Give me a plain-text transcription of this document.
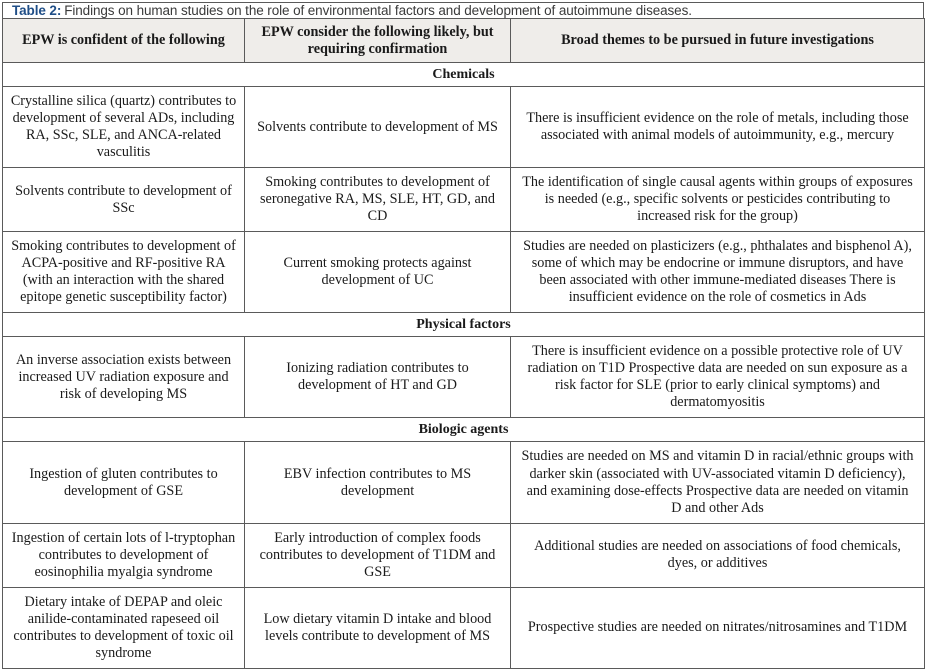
Table 2: Findings on human studies on the role of environmental factors and development of autoimmune diseases.
EPW is confident of the following	EPW consider the following likely, but requiring confirmation	Broad themes to be pursued in future investigations
Chemicals		
Crystalline silica (quartz) contributes to development of several ADs, including RA, SSc, SLE, and ANCA-related vasculitis	Solvents contribute to development of MS	There is insufficient evidence on the role of metals, including those associated with animal models of autoimmunity, e.g., mercury
Solvents contribute to development of SSc	Smoking contributes to development of seronegative RA, MS, SLE, HT, GD, and CD	The identification of single causal agents within groups of exposures is needed (e.g., specific solvents or pesticides contributing to increased risk for the group)
Smoking contributes to development of ACPA-positive and RF-positive RA (with an interaction with the shared epitope genetic susceptibility factor)	Current smoking protects against development of UC	Studies are needed on plasticizers (e.g., phthalates and bisphenol A), some of which may be endocrine or immune disruptors, and have been associated with other immune-mediated diseases There is insufficient evidence on the role of cosmetics in Ads
Physical factors		
An inverse association exists between increased UV radiation exposure and risk of developing MS	Ionizing radiation contributes to development of HT and GD	There is insufficient evidence on a possible protective role of UV radiation on T1D Prospective data are needed on sun exposure as a risk factor for SLE (prior to early clinical symptoms) and dermatomyositis
Biologic agents		
Ingestion of gluten contributes to development of GSE	EBV infection contributes to MS development	Studies are needed on MS and vitamin D in racial/ethnic groups with darker skin (associated with UV-associated vitamin D deficiency), and examining dose-effects Prospective data are needed on vitamin D and other Ads
Ingestion of certain lots of l-tryptophan contributes to development of eosinophilia myalgia syndrome	Early introduction of complex foods contributes to development of T1DM and GSE	Additional studies are needed on associations of food chemicals, dyes, or additives
Dietary intake of DEPAP and oleic anilide-contaminated rapeseed oil contributes to development of toxic oil syndrome	Low dietary vitamin D intake and blood levels contribute to development of MS	Prospective studies are needed on nitrates/nitrosamines and T1DM
